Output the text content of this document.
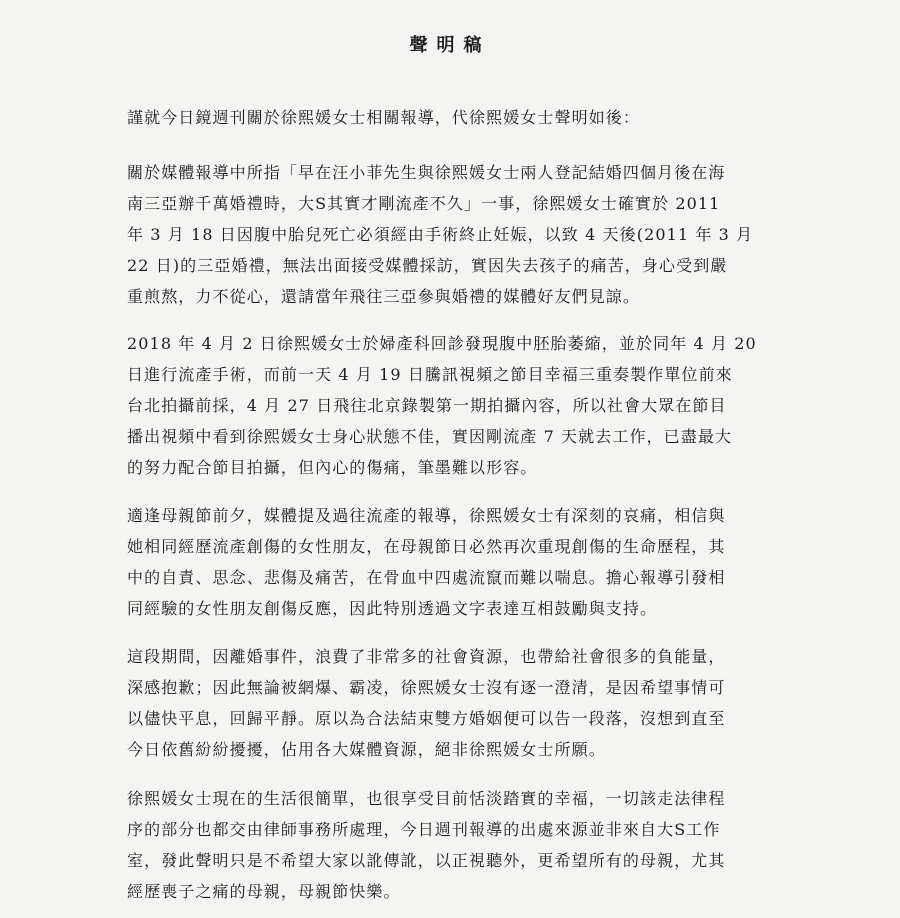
聲明稿

謹就今日鏡週刊關於徐熙媛女士相關報導，代徐熙媛女士聲明如後：

關於媒體報導中所指「早在汪小菲先生與徐熙媛女士兩人登記結婚四個月後在海
南三亞辦千萬婚禮時，大S其實才剛流產不久」一事，徐熙媛女士確實於 2011
年 3 月 18 日因腹中胎兒死亡必須經由手術終止妊娠，以致 4 天後(2011 年 3 月
22 日)的三亞婚禮，無法出面接受媒體採訪，實因失去孩子的痛苦，身心受到嚴
重煎熬，力不從心，還請當年飛往三亞參與婚禮的媒體好友們見諒。

2018 年 4 月 2 日徐熙媛女士於婦產科回診發現腹中胚胎萎縮，並於同年 4 月 20
日進行流產手術，而前一天 4 月 19 日騰訊視頻之節目幸福三重奏製作單位前來
台北拍攝前採，4 月 27 日飛往北京錄製第一期拍攝內容，所以社會大眾在節目
播出視頻中看到徐熙媛女士身心狀態不佳，實因剛流產 7 天就去工作，已盡最大
的努力配合節目拍攝，但內心的傷痛，筆墨難以形容。

適逢母親節前夕，媒體提及過往流產的報導，徐熙媛女士有深刻的哀痛，相信與
她相同經歷流產創傷的女性朋友，在母親節日必然再次重現創傷的生命歷程，其
中的自責、思念、悲傷及痛苦，在骨血中四處流竄而難以喘息。擔心報導引發相
同經驗的女性朋友創傷反應，因此特別透過文字表達互相鼓勵與支持。

這段期間，因離婚事件，浪費了非常多的社會資源，也帶給社會很多的負能量，
深感抱歉；因此無論被網爆、霸凌，徐熙媛女士沒有逐一澄清，是因希望事情可
以儘快平息，回歸平靜。原以為合法結束雙方婚姻便可以告一段落，沒想到直至
今日依舊紛紛擾擾，佔用各大媒體資源，絕非徐熙媛女士所願。

徐熙媛女士現在的生活很簡單，也很享受目前恬淡踏實的幸福，一切該走法律程
序的部分也都交由律師事務所處理，今日週刊報導的出處來源並非來自大S工作
室，發此聲明只是不希望大家以訛傳訛，以正視聽外，更希望所有的母親，尤其
經歷喪子之痛的母親，母親節快樂。
